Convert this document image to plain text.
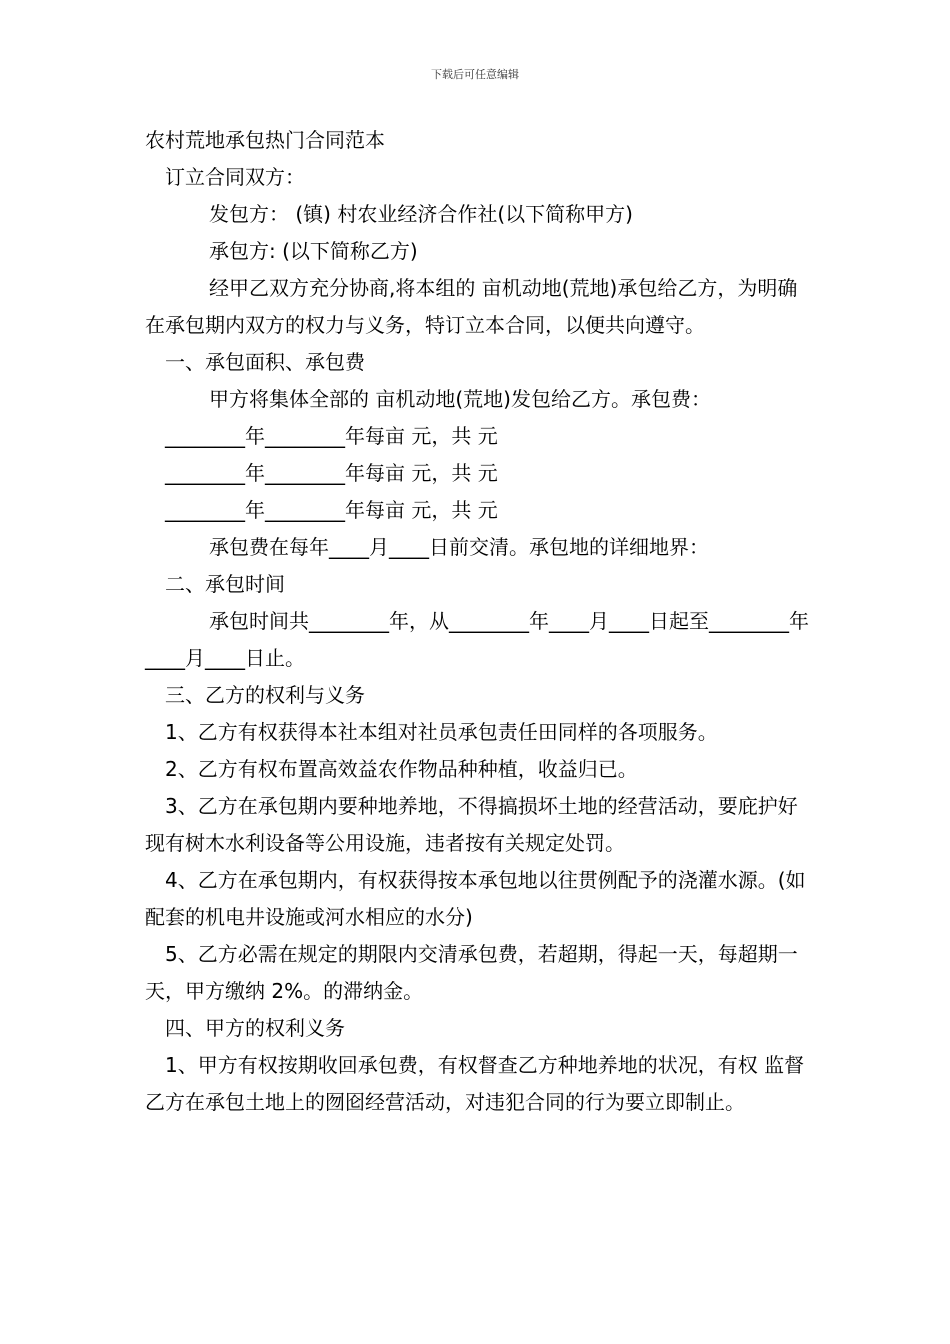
下载后可任意编辑
农村荒地承包热门合同范本
订立合同双方：
发包方： (镇) 村农业经济合作社(以下简称甲方)
承包方: (以下简称乙方)
经甲乙双方充分协商,将本组的 亩机动地(荒地)承包给乙方，为明确在承包期内双方的权力与义务，特订立本合同，以便共向遵守。
一、承包面积、承包费
甲方将集体全部的 亩机动地(荒地)发包给乙方。承包费：
________年________年每亩 元，共 元
________年________年每亩 元，共 元
________年________年每亩 元，共 元
承包费在每年____月____日前交清。承包地的详细地界：
二、承包时间
承包时间共________年，从________年____月____日起至________年____月____日止。
三、乙方的权利与义务
1、乙方有权获得本社本组对社员承包责任田同样的各项服务。
2、乙方有权布置高效益农作物品种种植，收益归已。
3、乙方在承包期内要种地养地，不得搞损坏土地的经营活动，要庇护好现有树木水利设备等公用设施，违者按有关规定处罚。
4、乙方在承包期内，有权获得按本承包地以往贯例配予的浇灌水源。(如配套的机电井设施或河水相应的水分)
5、乙方必需在规定的期限内交清承包费，若超期，得起一天，每超期一天，甲方缴纳 2%。的滞纳金。
四、甲方的权利义务
1、甲方有权按期收回承包费，有权督查乙方种地养地的状况，有权 监督乙方在承包土地上的囫囵经营活动，对违犯合同的行为要立即制止。
